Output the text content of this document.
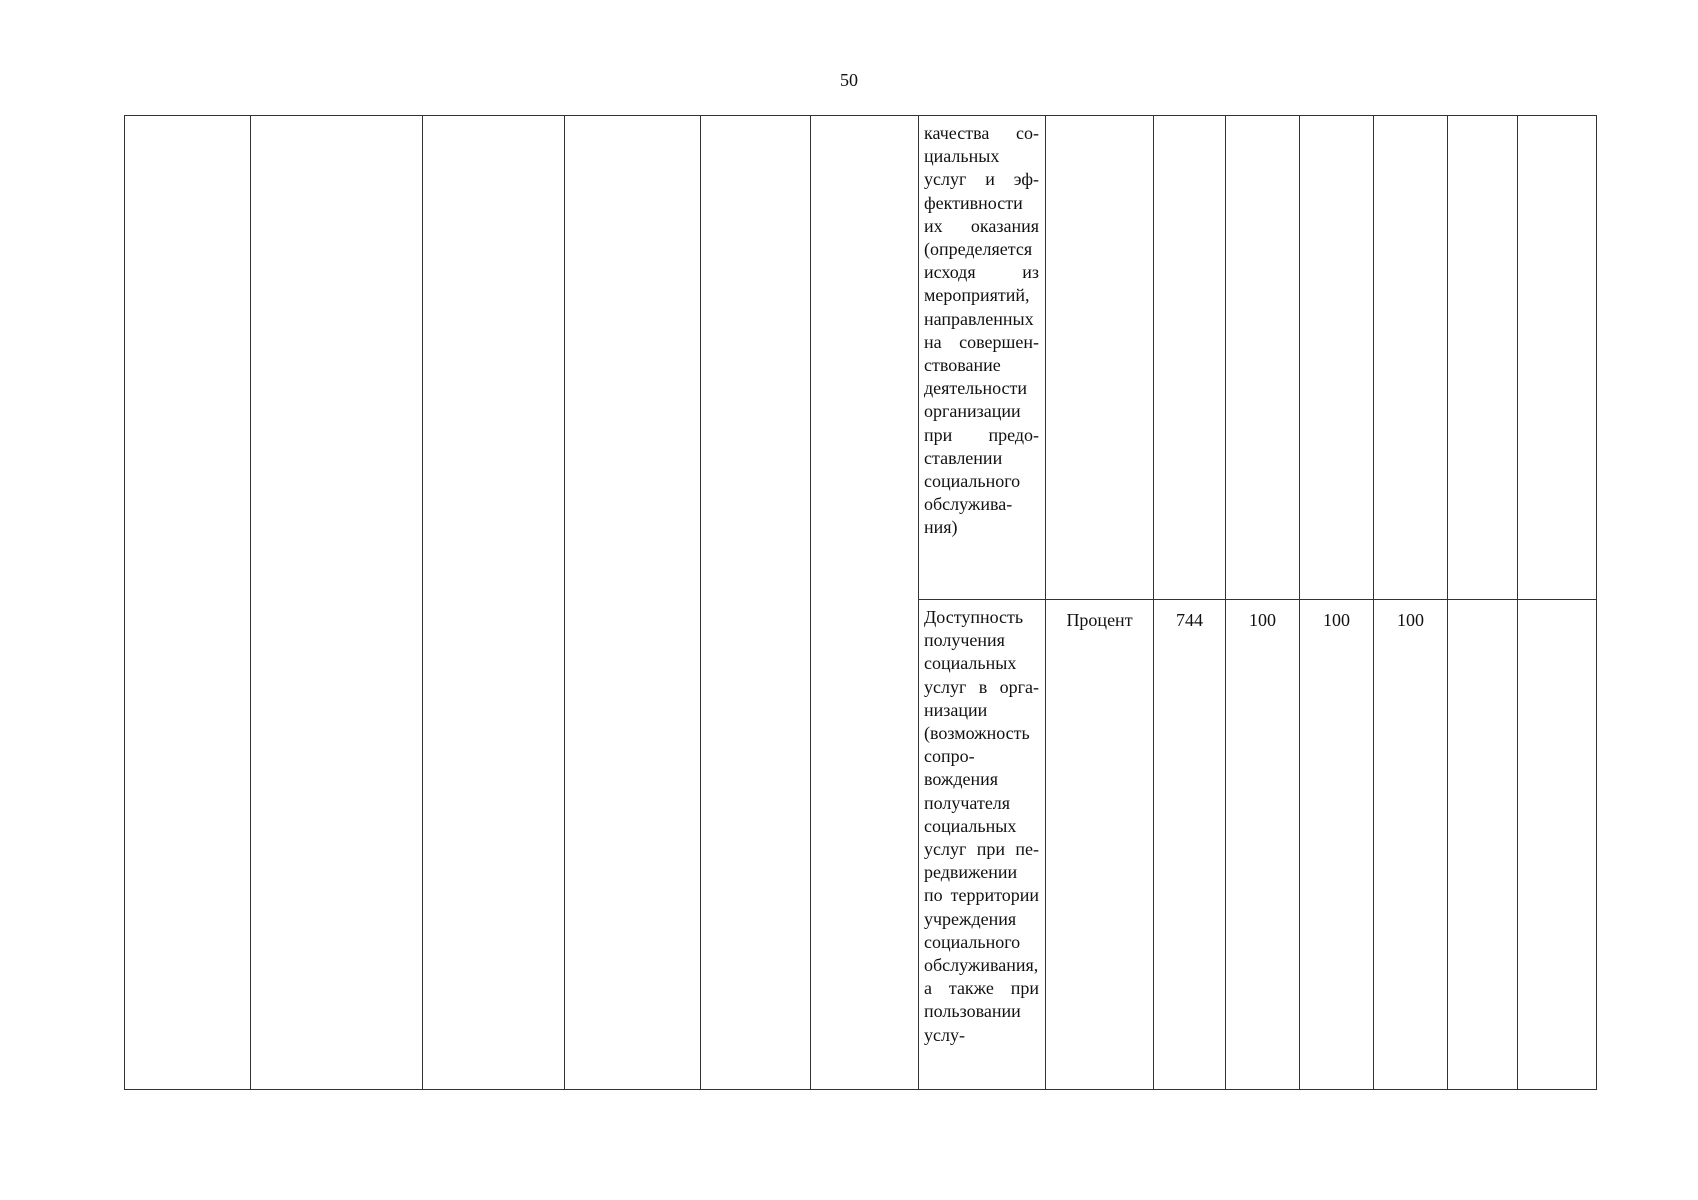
50

						качества социальных услуг и эффективности их оказания (определяется исходя из мероприятий, направленных на совершенствование деятельности организации при предоставлении социального обслуживания)							

						Доступность получения социальных услуг в организации (возможность сопровождения получателя социальных услуг при передвижении по территории учреждения социального обслуживания, а также при пользовании услу-	Процент	744	100	100	100		
